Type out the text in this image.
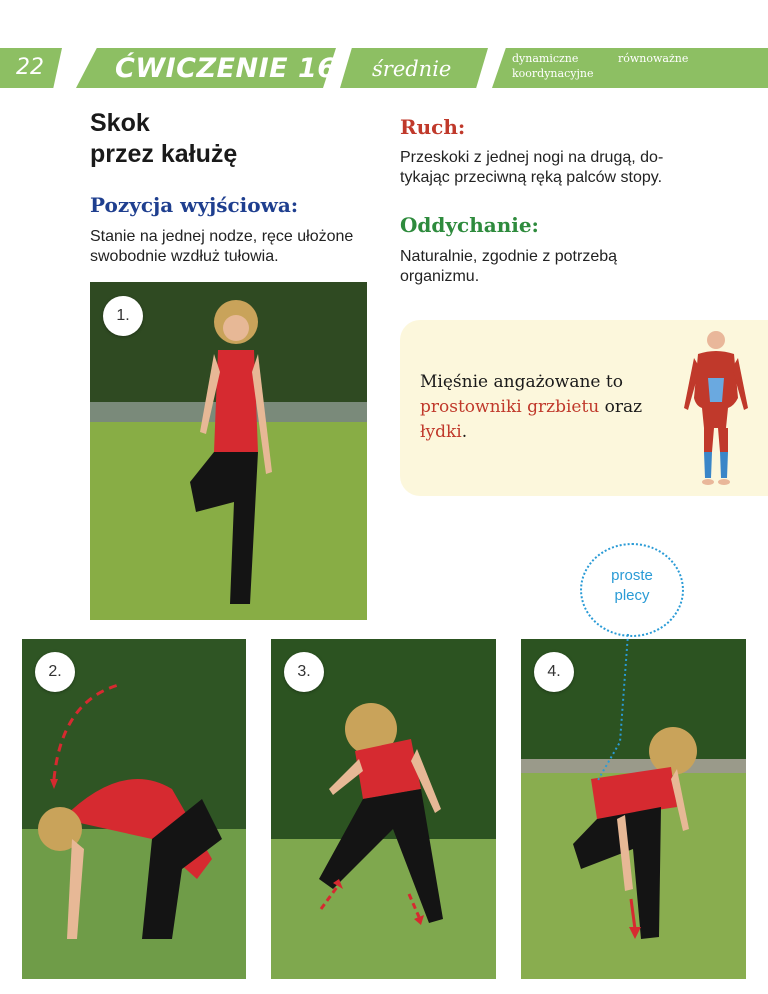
22	ĆWICZENIE 16 średnie	dynamiczne
koordynacyjne
równoważne
Skok
przez kałużę
Pozycja wyjściowa:

Stanie na jednej nodze, ręce ułożone swobodnie wzdłuż tułowia.

Ruch:

Przeskoki z jednej nogi na drugą, do-tykając przeciwną ręką palców stopy.

Oddychanie:

Naturalnie, zgodnie z potrzebą organizmu.

Mięśnie angażowane to prostowniki grzbietu oraz łydki.
1.
2.	3.	4.
proste
plecy
